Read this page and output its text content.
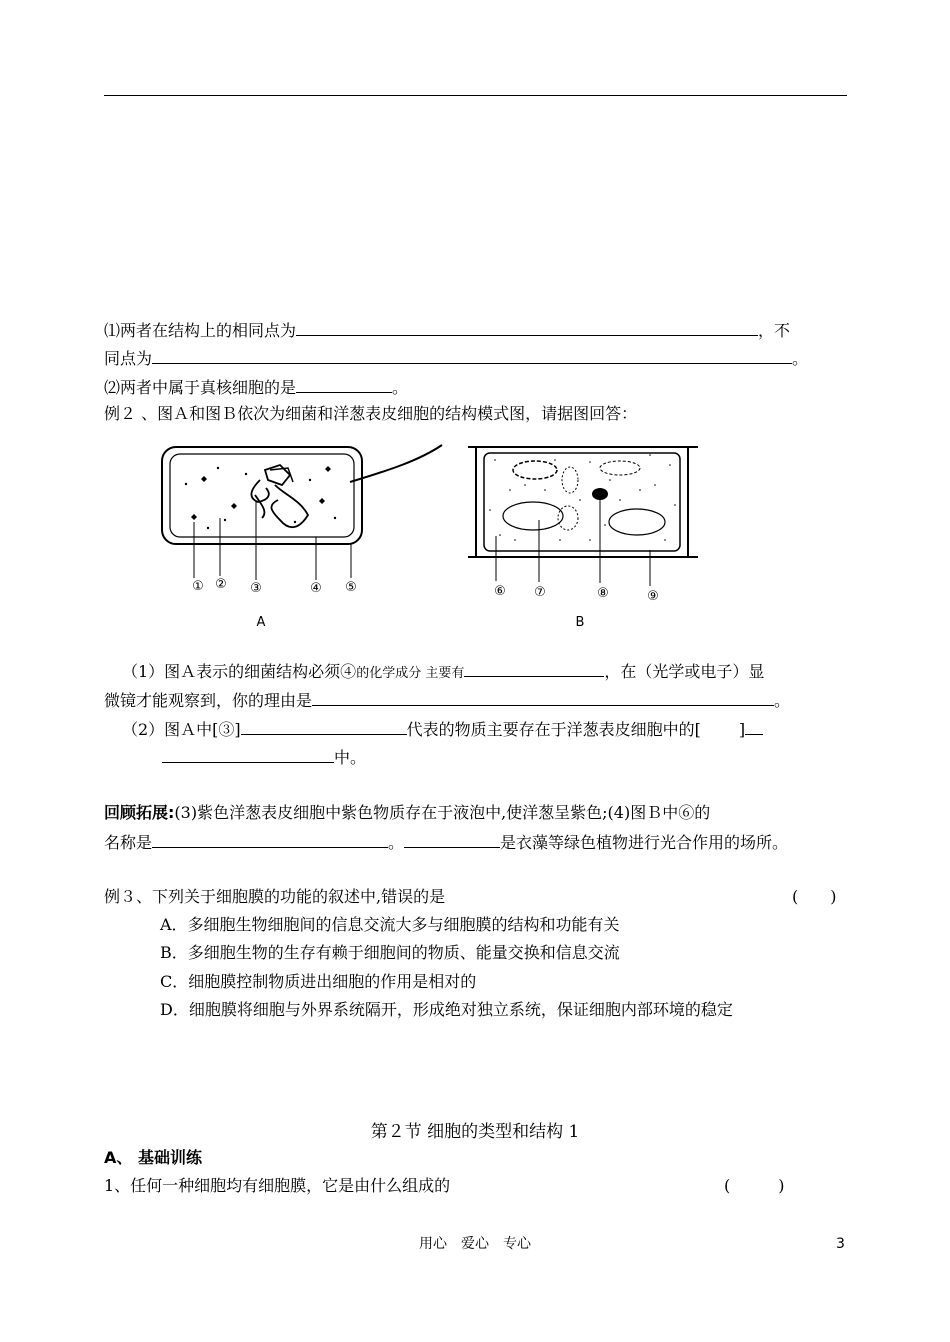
⑴两者在结构上的相同点为	，不
同点为	。
⑵两者中属于真核细胞的是	。
例２ 、图Ａ和图Ｂ依次为细菌和洋葱表皮细胞的结构模式图，请据图回答：
① ② ③	④ ⑤
A
⑥ ⑦	⑧	⑨
B
（1）图Ａ表示的细菌结构必须④的化学成分 主要有	，在（光学或电子）显
微镜才能观察到，你的理由是	。
（2）图Ａ中[③]	代表的物质主要存在于洋葱表皮细胞中的[ ]
中。
回顾拓展:(3)紫色洋葱表皮细胞中紫色物质存在于液泡中,使洋葱呈紫色;(4)图Ｂ中⑥的
名称是	。	是衣藻等绿色植物进行光合作用的场所。
例３、下列关于细胞膜的功能的叙述中,错误的是	(　　)
A．多细胞生物细胞间的信息交流大多与细胞膜的结构和功能有关
B．多细胞生物的生存有赖于细胞间的物质、能量交换和信息交流
C．细胞膜控制物质进出细胞的作用是相对的
D．细胞膜将细胞与外界系统隔开，形成绝对独立系统，保证细胞内部环境的稳定
第２节 细胞的类型和结构 1
A、 基础训练
1、任何一种细胞均有细胞膜，它是由什么组成的	(　　　)
用心　爱心　专心	3
